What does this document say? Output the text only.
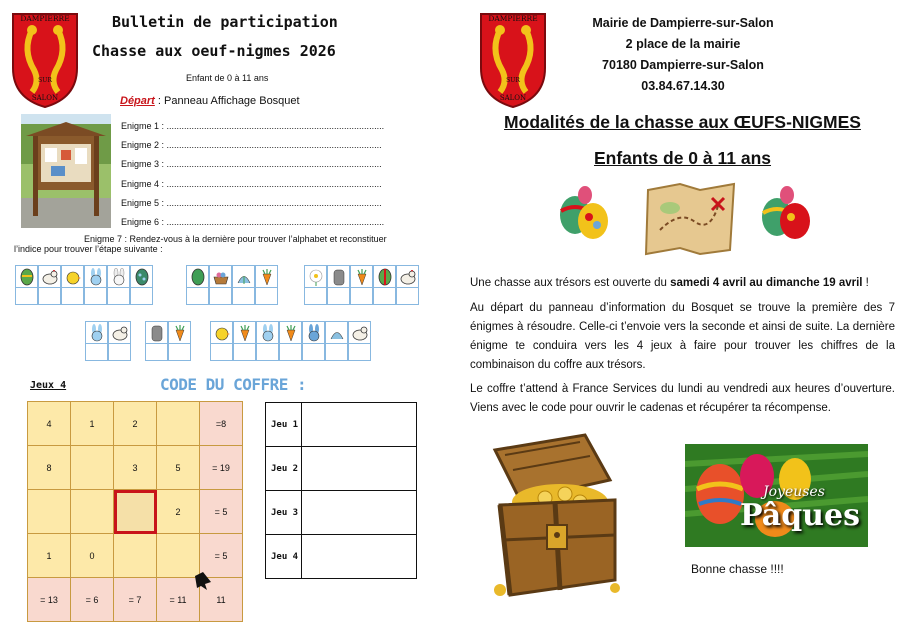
DAMPIERRE
SUR
SALON
Bulletin de participation
Chasse aux oeuf-nigmes 2026
Enfant de 0 à 11 ans
Départ : Panneau Affichage Bosquet
Enigme 1 : .......................................................................................
Enigme 2 : ......................................................................................
Enigme 3 : ......................................................................................
Enigme 4 : ......................................................................................
Enigme 5 : ......................................................................................
Enigme 6 : .......................................................................................
Enigme 7 : Rendez-vous à la dernière pour trouver l’alphabet et reconstituer
l’indice pour trouver l’étape suivante :
Jeux 4	CODE DU COFFRE :
4	1	2		=8
8		3	5	= 19
			2	= 5
1	0			= 5
= 13	= 6	= 7	= 11	11
Jeu 1	
Jeu 2	
Jeu 3	
Jeu 4	
DAMPIERRE
SUR
SALON
Mairie de Dampierre-sur-Salon
2 place de la mairie
70180 Dampierre-sur-Salon
03.84.67.14.30
Modalités de la chasse aux ŒUFS-NIGMES
Enfants de 0 à 11 ans
Une chasse aux trésors est ouverte du samedi 4 avril au dimanche 19 avril !
Au départ du panneau d’information du Bosquet se trouve la première des 7 énigmes à résoudre. Celle-ci t’envoie vers la seconde et ainsi de suite. La dernière énigme te conduira vers les 4 jeux à faire pour trouver les chiffres de la combinaison du coffre aux trésors.
Le coffre t’attend à France Services du lundi au vendredi aux heures d’ouverture. Viens avec le code pour ouvrir le cadenas et récupérer ta récompense.
Joyeuses
Pâques
Bonne chasse !!!!
